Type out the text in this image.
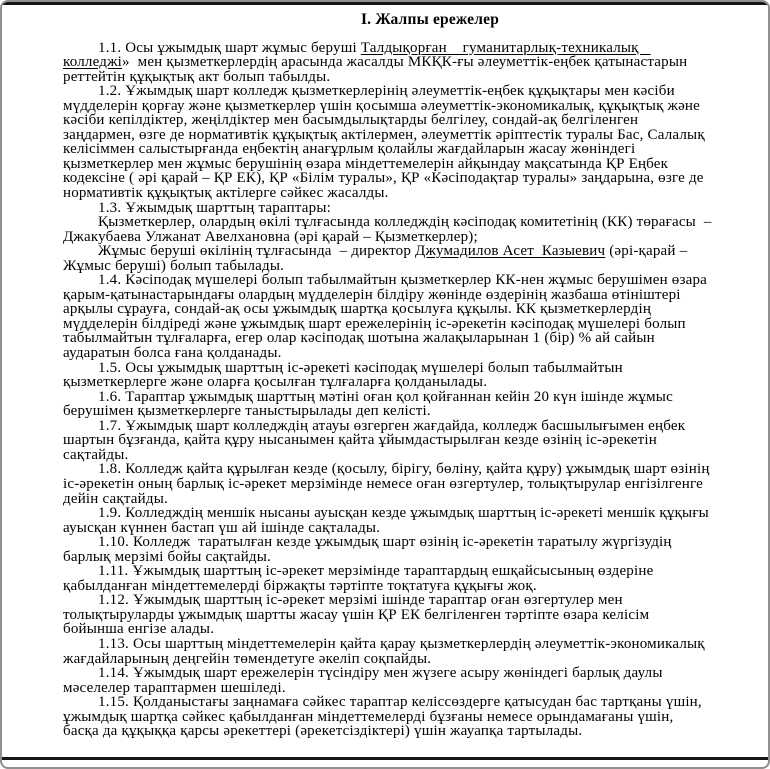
І. Жалпы ережелер

1.1. Осы ұжымдық шарт жұмыс беруші Талдықорған    гуманитарлық-техникалық    колледжі»  мен қызметкерлердің арасында жасалды МКҚК-ғы әлеуметтік-еңбек қатынастарын реттейтін құқықтық акт болып табылды.

1.2. Ұжымдық шарт колледж қызметкерлерінің әлеуметтік-еңбек құқықтары мен кәсіби мүдделерін қорғау және қызметкерлер үшін қосымша әлеуметтік-экономикалық, құқықтық және кәсіби кепілдіктер, жеңілдіктер мен басымдылықтарды белгілеу, сондай-ақ белгіленген заңдармен, өзге де нормативтік құқықтық актілермен, әлеуметтік әріптестік туралы Бас, Салалық келісіммен салыстырғанда еңбектің анағұрлым қолайлы жағдайларын жасау жөніндегі қызметкерлер мен жұмыс берушінің өзара міндеттемелерін айқындау мақсатында ҚР Еңбек кодексіне ( әрі қарай – ҚР ЕК), ҚР «Білім туралы», ҚР «Кәсіподақтар туралы» заңдарына, өзге де нормативтік құқықтық актілерге сәйкес жасалды.

1.3. Ұжымдық шарттың тараптары:

Қызметкерлер, олардың өкілі тұлғасында колледждің кәсіподақ комитетінің (КК) төрағасы  – Джакубаева Улжанат Авелхановна (әрі қарай – Қызметкерлер);

Жұмыс беруші өкілінің тұлғасында  – директор Джумадилов Асет  Казыевич (әрі-қарай – Жұмыс беруші) болып табылады.

1.4. Кәсіподақ мүшелері болып табылмайтын қызметкерлер КК-нен жұмыс берушімен өзара қарым-қатынастарындағы олардың мүдделерін білдіру жөнінде өздерінің жазбаша өтініштері арқылы сұрауға, сондай-ақ осы ұжымдық шартқа қосылуға құқылы. КК қызметкерлердің мүдделерін білдіреді және ұжымдық шарт ережелерінің іс-әрекетін кәсіподақ мүшелері болып табылмайтын тұлғаларға, егер олар кәсіподақ шотына жалақыларынан 1 (бір) % ай сайын аударатын болса ғана қолданады.

1.5. Осы ұжымдық шарттың іс-әрекеті кәсіподақ мүшелері болып табылмайтын қызметкерлерге және оларға қосылған тұлғаларға қолданылады.

1.6. Тараптар ұжымдық шарттың мәтіні оған қол қойғаннан кейін 20 күн ішінде жұмыс берушімен қызметкерлерге таныстырылады деп келісті.

1.7. Ұжымдық шарт колледждің атауы өзгерген жағдайда, колледж басшылығымен еңбек шартын бұзғанда, қайта құру нысанымен қайта ұйымдастырылған кезде өзінің іс-әрекетін сақтайды.

1.8. Колледж қайта құрылған кезде (қосылу, бірігу, бөліну, қайта құру) ұжымдық шарт өзінің іс-әрекетін оның барлық іс-әрекет мерзімінде немесе оған өзгертулер, толықтырулар енгізілгенге дейін сақтайды.

1.9. Колледждің меншік нысаны ауысқан кезде ұжымдық шарттың іс-әрекеті меншік құқығы ауысқан күннен бастап үш ай ішінде сақталады.

1.10. Колледж  таратылған кезде ұжымдық шарт өзінің іс-әрекетін таратылу жүргізудің барлық мерзімі бойы сақтайды.

1.11. Ұжымдық шарттың іс-әрекет мерзімінде тараптардың ешқайсысының өздеріне қабылданған міндеттемелерді біржақты тәртіпте тоқтатуға құқығы жоқ.

1.12. Ұжымдық шарттың іс-әрекет мерзімі ішінде тараптар оған өзгертулер мен толықтыруларды ұжымдық шартты жасау үшін ҚР ЕК белгіленген тәртіпте өзара келісім бойынша енгізе алады.

1.13. Осы шарттың міндеттемелерін қайта қарау қызметкерлердің әлеуметтік-экономикалық жағдайларының деңгейін төмендетуге әкеліп соқпайды.

1.14. Ұжымдық шарт ережелерін түсіндіру мен жүзеге асыру жөніндегі барлық даулы мәселелер тараптармен шешіледі.

1.15. Қолданыстағы заңнамаға сәйкес тараптар келіссөздерге қатысудан бас тартқаны үшін, ұжымдық шартқа сәйкес қабылданған міндеттемелерді бұзғаны немесе орындамағаны үшін, басқа да құқыққа қарсы әрекеттері (әрекетсіздіктері) үшін жауапқа тартылады.
